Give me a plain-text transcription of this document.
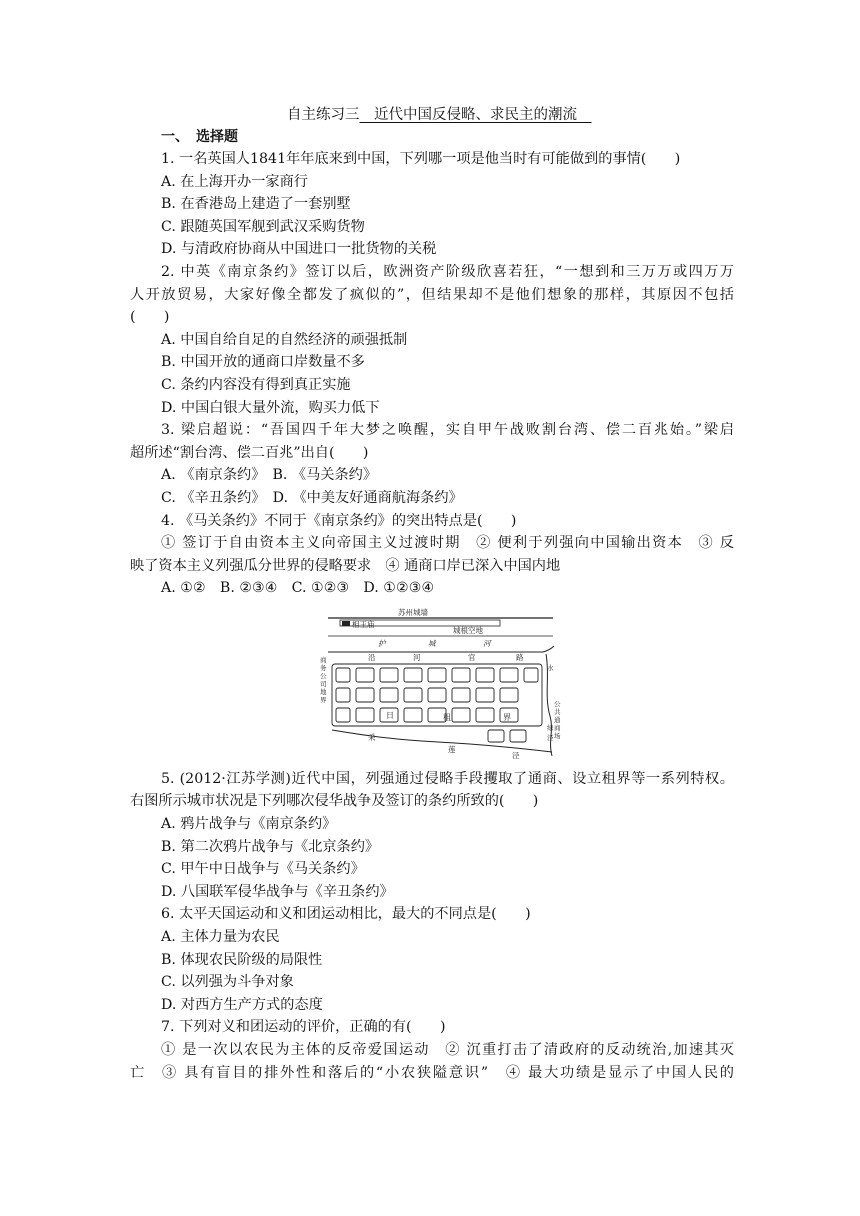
自主练习三　 近代中国反侵略、求民主的潮流　
一、　选择题
1. 一名英国人1841年年底来到中国，下列哪一项是他当时有可能做到的事情(　　)
A. 在上海开办一家商行
B. 在香港岛上建造了一套别墅
C. 跟随英国军舰到武汉采购货物
D. 与清政府协商从中国进口一批货物的关税
2. 中英《南京条约》签订以后，欧洲资产阶级欣喜若狂，“一想到和三万万或四万万
人开放贸易，大家好像全都发了疯似的”，但结果却不是他们想象的那样，其原因不包括
(　　)
A. 中国自给自足的自然经济的顽强抵制
B. 中国开放的通商口岸数量不多
C. 条约内容没有得到真正实施
D. 中国白银大量外流，购买力低下
3. 梁启超说：“吾国四千年大梦之唤醒，实自甲午战败割台湾、偿二百兆始。”梁启
超所述“割台湾、偿二百兆”出自(　　)
A. 《南京条约》　B. 《马关条约》
C. 《辛丑条约》　D. 《中美友好通商航海条约》
4. 《马关条约》不同于《南京条约》的突出特点是(　　)
① 签订于自由资本主义向帝国主义过渡时期　② 便利于列强向中国输出资本　③ 反
映了资本主义列强瓜分世界的侵略要求　④ 通商口岸已深入中国内地
A. ①②　B. ②③④　C. ①②③　D. ①②③④
苏州城墙
相王庙
城根空地
护	城	河
商
务
公
司
地
界
沿	河	官	路
日	租	界
公
共
通
商
场
水
绿
泾
采
莲
泾
5. (2012·江苏学测)近代中国，列强通过侵略手段攫取了通商、设立租界等一系列特权。
右图所示城市状况是下列哪次侵华战争及签订的条约所致的(　　)
A. 鸦片战争与《南京条约》
B. 第二次鸦片战争与《北京条约》
C. 甲午中日战争与《马关条约》
D. 八国联军侵华战争与《辛丑条约》
6. 太平天国运动和义和团运动相比，最大的不同点是(　　)
A. 主体力量为农民
B. 体现农民阶级的局限性
C. 以列强为斗争对象
D. 对西方生产方式的态度
7. 下列对义和团运动的评价，正确的有(　　)
① 是一次以农民为主体的反帝爱国运动　② 沉重打击了清政府的反动统治,加速其灭
亡　③ 具有盲目的排外性和落后的“小农狭隘意识”　④ 最大功绩是显示了中国人民的
